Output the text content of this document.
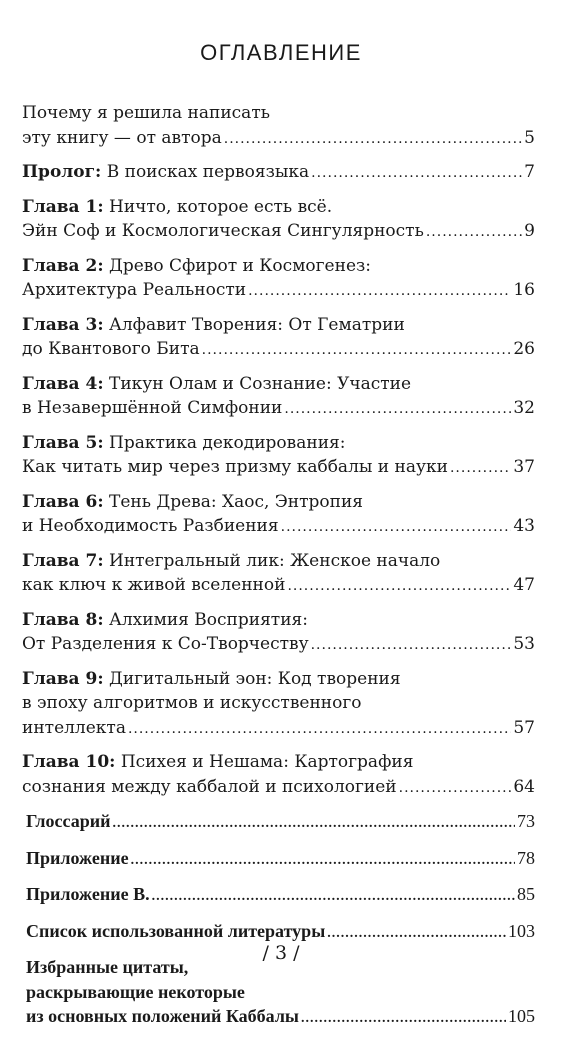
ОГЛАВЛЕНИЕ
Почему я решила написать
эту книгу — от автора .....	5
Пролог: В поисках первоязыка .....	7
Глава 1: Ничто, которое есть всё.
Эйн Соф и Космологическая Сингулярность .....	9
Глава 2: Древо Сфирот и Космогенез:
Архитектура Реальности .....	16
Глава 3: Алфавит Творения: От Гематрии
до Квантового Бита .....	26
Глава 4: Тикун Олам и Сознание: Участие
в Незавершённой Симфонии .....	32
Глава 5: Практика декодирования:
Как читать мир через призму каббалы и науки .....	37
Глава 6: Тень Древа: Хаос, Энтропия
и Необходимость Разбиения .....	43
Глава 7: Интегральный лик: Женское начало
как ключ к живой вселенной .....	47
Глава 8: Алхимия Восприятия:
От Разделения к Со-Творчеству .....	53
Глава 9: Дигитальный эон: Код творения
в эпоху алгоритмов и искусственного
интеллекта .....	57
Глава 10: Психея и Нешама: Картография
сознания между каббалой и психологией .....	64
Глоссарий .....	73
Приложение .....	78
Приложение В. .....	85
Список использованной литературы .....	103
Избранные цитаты,
раскрывающие некоторые
из основных положений Каббалы .....	105
/ 3 /
